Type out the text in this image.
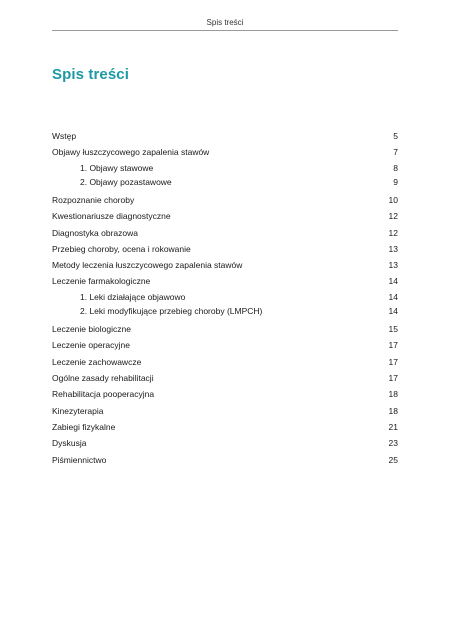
Spis treści
Spis treści
Wstęp	5
Objawy łuszczycowego zapalenia stawów	7
1. Objawy stawowe	8
2. Objawy pozastawowe	9
Rozpoznanie choroby	10
Kwestionariusze diagnostyczne	12
Diagnostyka obrazowa	12
Przebieg choroby, ocena i rokowanie	13
Metody leczenia łuszczycowego zapalenia stawów	13
Leczenie farmakologiczne	14
1. Leki działające objawowo	14
2. Leki modyfikujące przebieg choroby (LMPCH)	14
Leczenie biologiczne	15
Leczenie operacyjne	17
Leczenie zachowawcze	17
Ogólne zasady rehabilitacji	17
Rehabilitacja pooperacyjna	18
Kinezyterapia	18
Zabiegi fizykalne	21
Dyskusja	23
Piśmiennictwo	25
